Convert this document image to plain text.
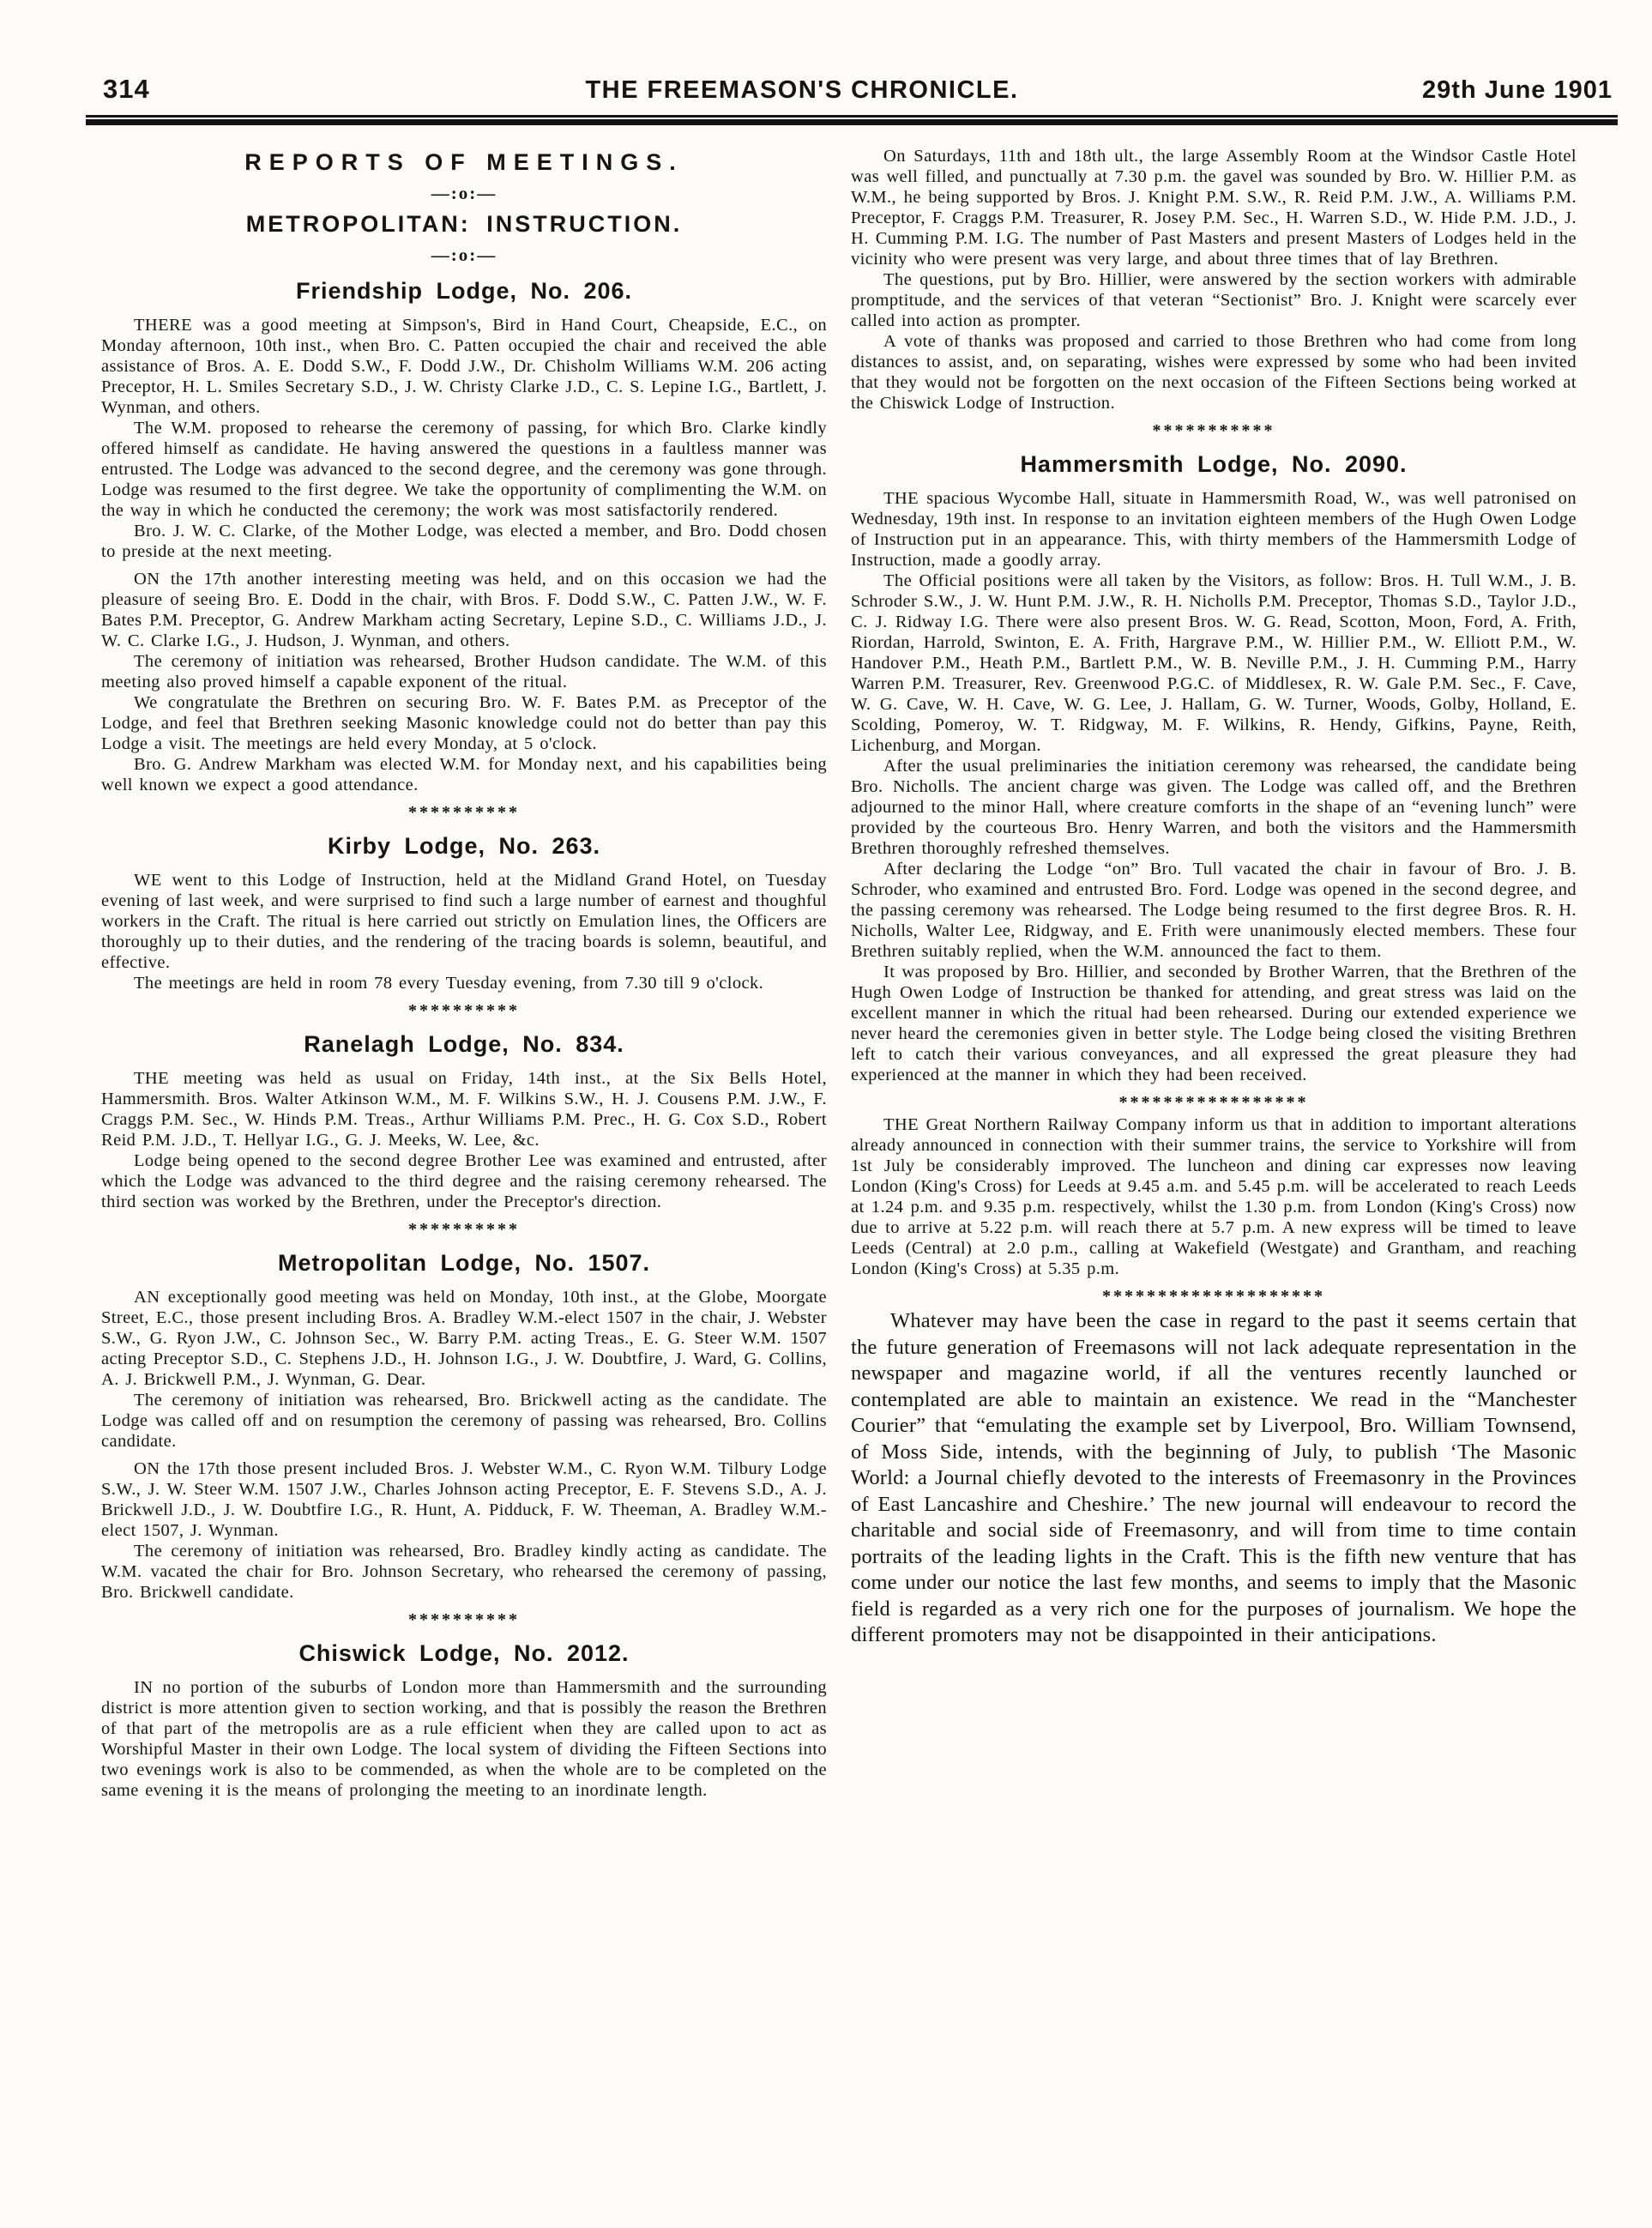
314	THE FREEMASON'S CHRONICLE.	29th June 1901
REPORTS OF MEETINGS.
—:o:—
METROPOLITAN: INSTRUCTION.
—:o:—
Friendship Lodge, No. 206.

THERE was a good meeting at Simpson's, Bird in Hand Court, Cheapside, E.C., on Monday afternoon, 10th inst., when Bro. C. Patten occupied the chair and received the able assistance of Bros. A. E. Dodd S.W., F. Dodd J.W., Dr. Chisholm Williams W.M. 206 acting Preceptor, H. L. Smiles Secretary S.D., J. W. Christy Clarke J.D., C. S. Lepine I.G., Bartlett, J. Wynman, and others.

The W.M. proposed to rehearse the ceremony of passing, for which Bro. Clarke kindly offered himself as candidate. He having answered the questions in a faultless manner was entrusted. The Lodge was advanced to the second degree, and the ceremony was gone through. Lodge was resumed to the first degree. We take the opportunity of complimenting the W.M. on the way in which he conducted the ceremony; the work was most satisfactorily rendered.

Bro. J. W. C. Clarke, of the Mother Lodge, was elected a member, and Bro. Dodd chosen to preside at the next meeting.

ON the 17th another interesting meeting was held, and on this occasion we had the pleasure of seeing Bro. E. Dodd in the chair, with Bros. F. Dodd S.W., C. Patten J.W., W. F. Bates P.M. Preceptor, G. Andrew Markham acting Secretary, Lepine S.D., C. Williams J.D., J. W. C. Clarke I.G., J. Hudson, J. Wynman, and others.

The ceremony of initiation was rehearsed, Brother Hudson candidate. The W.M. of this meeting also proved himself a capable exponent of the ritual.

We congratulate the Brethren on securing Bro. W. F. Bates P.M. as Preceptor of the Lodge, and feel that Brethren seeking Masonic knowledge could not do better than pay this Lodge a visit. The meetings are held every Monday, at 5 o'clock.

Bro. G. Andrew Markham was elected W.M. for Monday next, and his capabilities being well known we expect a good attendance.

**********
Kirby Lodge, No. 263.

WE went to this Lodge of Instruction, held at the Midland Grand Hotel, on Tuesday evening of last week, and were surprised to find such a large number of earnest and thoughful workers in the Craft. The ritual is here carried out strictly on Emulation lines, the Officers are thoroughly up to their duties, and the rendering of the tracing boards is solemn, beautiful, and effective.

The meetings are held in room 78 every Tuesday evening, from 7.30 till 9 o'clock.

**********
Ranelagh Lodge, No. 834.

THE meeting was held as usual on Friday, 14th inst., at the Six Bells Hotel, Hammersmith. Bros. Walter Atkinson W.M., M. F. Wilkins S.W., H. J. Cousens P.M. J.W., F. Craggs P.M. Sec., W. Hinds P.M. Treas., Arthur Williams P.M. Prec., H. G. Cox S.D., Robert Reid P.M. J.D., T. Hellyar I.G., G. J. Meeks, W. Lee, &c.

Lodge being opened to the second degree Brother Lee was examined and entrusted, after which the Lodge was advanced to the third degree and the raising ceremony rehearsed. The third section was worked by the Brethren, under the Preceptor's direction.

**********
Metropolitan Lodge, No. 1507.

AN exceptionally good meeting was held on Monday, 10th inst., at the Globe, Moorgate Street, E.C., those present including Bros. A. Bradley W.M.-elect 1507 in the chair, J. Webster S.W., G. Ryon J.W., C. Johnson Sec., W. Barry P.M. acting Treas., E. G. Steer W.M. 1507 acting Preceptor S.D., C. Stephens J.D., H. Johnson I.G., J. W. Doubtfire, J. Ward, G. Collins, A. J. Brickwell P.M., J. Wynman, G. Dear.

The ceremony of initiation was rehearsed, Bro. Brickwell acting as the candidate. The Lodge was called off and on resumption the ceremony of passing was rehearsed, Bro. Collins candidate.

ON the 17th those present included Bros. J. Webster W.M., C. Ryon W.M. Tilbury Lodge S.W., J. W. Steer W.M. 1507 J.W., Charles Johnson acting Preceptor, E. F. Stevens S.D., A. J. Brickwell J.D., J. W. Doubtfire I.G., R. Hunt, A. Pidduck, F. W. Theeman, A. Bradley W.M.-elect 1507, J. Wynman.

The ceremony of initiation was rehearsed, Bro. Bradley kindly acting as candidate. The W.M. vacated the chair for Bro. Johnson Secretary, who rehearsed the ceremony of passing, Bro. Brickwell candidate.

**********
Chiswick Lodge, No. 2012.

IN no portion of the suburbs of London more than Hammersmith and the surrounding district is more attention given to section working, and that is possibly the reason the Brethren of that part of the metropolis are as a rule efficient when they are called upon to act as Worshipful Master in their own Lodge. The local system of dividing the Fifteen Sections into two evenings work is also to be commended, as when the whole are to be completed on the same evening it is the means of prolonging the meeting to an inordinate length.

On Saturdays, 11th and 18th ult., the large Assembly Room at the Windsor Castle Hotel was well filled, and punctually at 7.30 p.m. the gavel was sounded by Bro. W. Hillier P.M. as W.M., he being supported by Bros. J. Knight P.M. S.W., R. Reid P.M. J.W., A. Williams P.M. Preceptor, F. Craggs P.M. Treasurer, R. Josey P.M. Sec., H. Warren S.D., W. Hide P.M. J.D., J. H. Cumming P.M. I.G. The number of Past Masters and present Masters of Lodges held in the vicinity who were present was very large, and about three times that of lay Brethren.

The questions, put by Bro. Hillier, were answered by the section workers with admirable promptitude, and the services of that veteran “Sectionist” Bro. J. Knight were scarcely ever called into action as prompter.

A vote of thanks was proposed and carried to those Brethren who had come from long distances to assist, and, on separating, wishes were expressed by some who had been invited that they would not be forgotten on the next occasion of the Fifteen Sections being worked at the Chiswick Lodge of Instruction.

***********
Hammersmith Lodge, No. 2090.

THE spacious Wycombe Hall, situate in Hammersmith Road, W., was well patronised on Wednesday, 19th inst. In response to an invitation eighteen members of the Hugh Owen Lodge of Instruction put in an appearance. This, with thirty members of the Hammersmith Lodge of Instruction, made a goodly array.

The Official positions were all taken by the Visitors, as follow: Bros. H. Tull W.M., J. B. Schroder S.W., J. W. Hunt P.M. J.W., R. H. Nicholls P.M. Preceptor, Thomas S.D., Taylor J.D., C. J. Ridway I.G. There were also present Bros. W. G. Read, Scotton, Moon, Ford, A. Frith, Riordan, Harrold, Swinton, E. A. Frith, Hargrave P.M., W. Hillier P.M., W. Elliott P.M., W. Handover P.M., Heath P.M., Bartlett P.M., W. B. Neville P.M., J. H. Cumming P.M., Harry Warren P.M. Treasurer, Rev. Greenwood P.G.C. of Middlesex, R. W. Gale P.M. Sec., F. Cave, W. G. Cave, W. H. Cave, W. G. Lee, J. Hallam, G. W. Turner, Woods, Golby, Holland, E. Scolding, Pomeroy, W. T. Ridgway, M. F. Wilkins, R. Hendy, Gifkins, Payne, Reith, Lichenburg, and Morgan.

After the usual preliminaries the initiation ceremony was rehearsed, the candidate being Bro. Nicholls. The ancient charge was given. The Lodge was called off, and the Brethren adjourned to the minor Hall, where creature comforts in the shape of an “evening lunch” were provided by the courteous Bro. Henry Warren, and both the visitors and the Hammersmith Brethren thoroughly refreshed themselves.

After declaring the Lodge “on” Bro. Tull vacated the chair in favour of Bro. J. B. Schroder, who examined and entrusted Bro. Ford. Lodge was opened in the second degree, and the passing ceremony was rehearsed. The Lodge being resumed to the first degree Bros. R. H. Nicholls, Walter Lee, Ridgway, and E. Frith were unanimously elected members. These four Brethren suitably replied, when the W.M. announced the fact to them.

It was proposed by Bro. Hillier, and seconded by Brother Warren, that the Brethren of the Hugh Owen Lodge of Instruction be thanked for attending, and great stress was laid on the excellent manner in which the ritual had been rehearsed. During our extended experience we never heard the ceremonies given in better style. The Lodge being closed the visiting Brethren left to catch their various conveyances, and all expressed the great pleasure they had experienced at the manner in which they had been received.

*****************

THE Great Northern Railway Company inform us that in addition to important alterations already announced in connection with their summer trains, the service to Yorkshire will from 1st July be considerably improved. The luncheon and dining car expresses now leaving London (King's Cross) for Leeds at 9.45 a.m. and 5.45 p.m. will be accelerated to reach Leeds at 1.24 p.m. and 9.35 p.m. respectively, whilst the 1.30 p.m. from London (King's Cross) now due to arrive at 5.22 p.m. will reach there at 5.7 p.m. A new express will be timed to leave Leeds (Central) at 2.0 p.m., calling at Wakefield (Westgate) and Grantham, and reaching London (King's Cross) at 5.35 p.m.

********************

Whatever may have been the case in regard to the past it seems certain that the future generation of Freemasons will not lack adequate representation in the newspaper and magazine world, if all the ventures recently launched or contemplated are able to maintain an existence. We read in the “Manchester Courier” that “emulating the example set by Liverpool, Bro. William Townsend, of Moss Side, intends, with the beginning of July, to publish ‘The Masonic World: a Journal chiefly devoted to the interests of Freemasonry in the Provinces of East Lancashire and Cheshire.’ The new journal will endeavour to record the charitable and social side of Freemasonry, and will from time to time contain portraits of the leading lights in the Craft. This is the fifth new venture that has come under our notice the last few months, and seems to imply that the Masonic field is regarded as a very rich one for the purposes of journalism. We hope the different promoters may not be disappointed in their anticipations.
